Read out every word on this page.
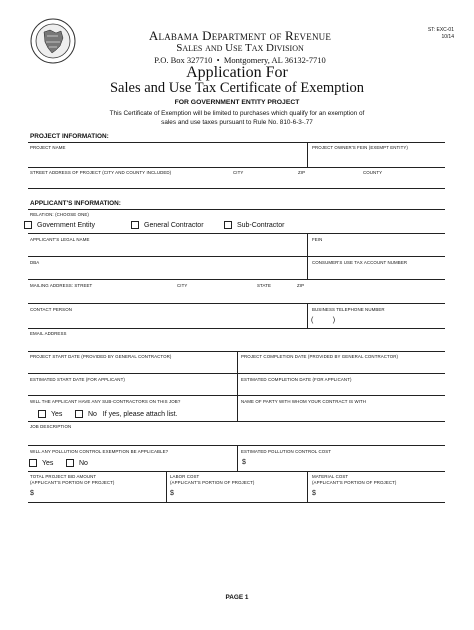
Alabama Department of Revenue
Sales and Use Tax Division
P.O. Box 327710  •  Montgomery, AL 36132-7710
ST: EXC-01
10/14
Application For
Sales and Use Tax Certificate of Exemption
FOR GOVERNMENT ENTITY PROJECT
This Certificate of Exemption will be limited to purchases which qualify for an exemption of
sales and use taxes pursuant to Rule No. 810-6-3-.77
PROJECT INFORMATION:
PROJECT NAME	PROJECT OWNER'S FEIN (EXEMPT ENTITY)
STREET ADDRESS OF PROJECT (CITY AND COUNTY INCLUDED)	CITY	ZIP	COUNTY
APPLICANT'S INFORMATION:
RELATION: (CHOOSE ONE)
Government Entity	General Contractor	Sub-Contractor
APPLICANT'S LEGAL NAME	FEIN
DBA	CONSUMER'S USE TAX ACCOUNT NUMBER
MAILING ADDRESS: STREET	CITY	STATE	ZIP
CONTACT PERSON	BUSINESS TELEPHONE NUMBER
(          )
EMAIL ADDRESS
PROJECT START DATE (PROVIDED BY GENERAL CONTRACTOR)	PROJECT COMPLETION DATE (PROVIDED BY GENERAL CONTRACTOR)
ESTIMATED START DATE (FOR APPLICANT)	ESTIMATED COMPLETION DATE (FOR APPLICANT)
WILL THE APPLICANT HAVE ANY SUB-CONTRACTORS ON THIS JOB?
Yes	No   If yes, please attach list.
NAME OF PARTY WITH WHOM YOUR CONTRACT IS WITH
JOB DESCRIPTION
WILL ANY POLLUTION CONTROL EXEMPTION BE APPLICABLE?
Yes	No
ESTIMATED POLLUTION CONTROL COST
$
TOTAL PROJECT BID AMOUNT
(APPLICANT'S PORTION OF PROJECT)
$
LABOR COST
(APPLICANT'S PORTION OF PROJECT)
$
MATERIAL COST
(APPLICANT'S PORTION OF PROJECT)
$
PAGE 1
